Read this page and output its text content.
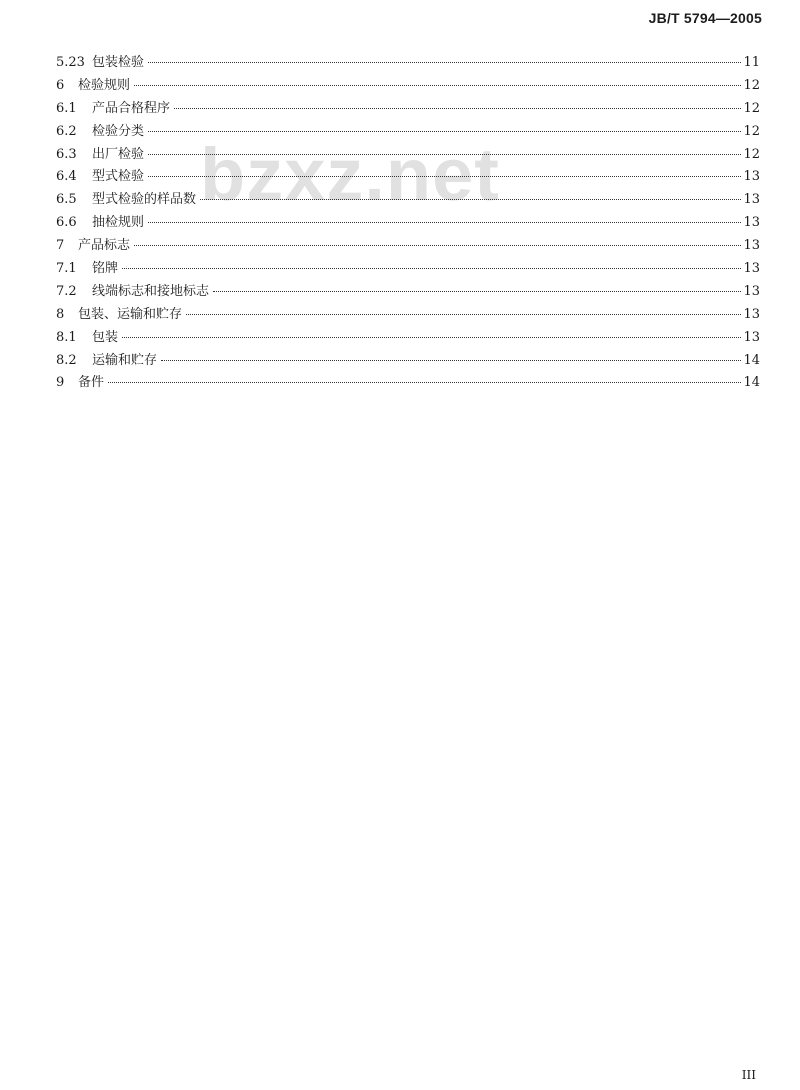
JB/T 5794—2005
bzxz.net
5.23 包装检验	11
6	检验规则	12
6.1	产品合格程序	12
6.2	检验分类	12
6.3	出厂检验	12
6.4	型式检验	13
6.5	型式检验的样品数	13
6.6	抽检规则	13
7	产品标志	13
7.1	铭牌	13
7.2	线端标志和接地标志	13
8	包装、运输和贮存	13
8.1	包装	13
8.2	运输和贮存	14
9	备件	14
III
